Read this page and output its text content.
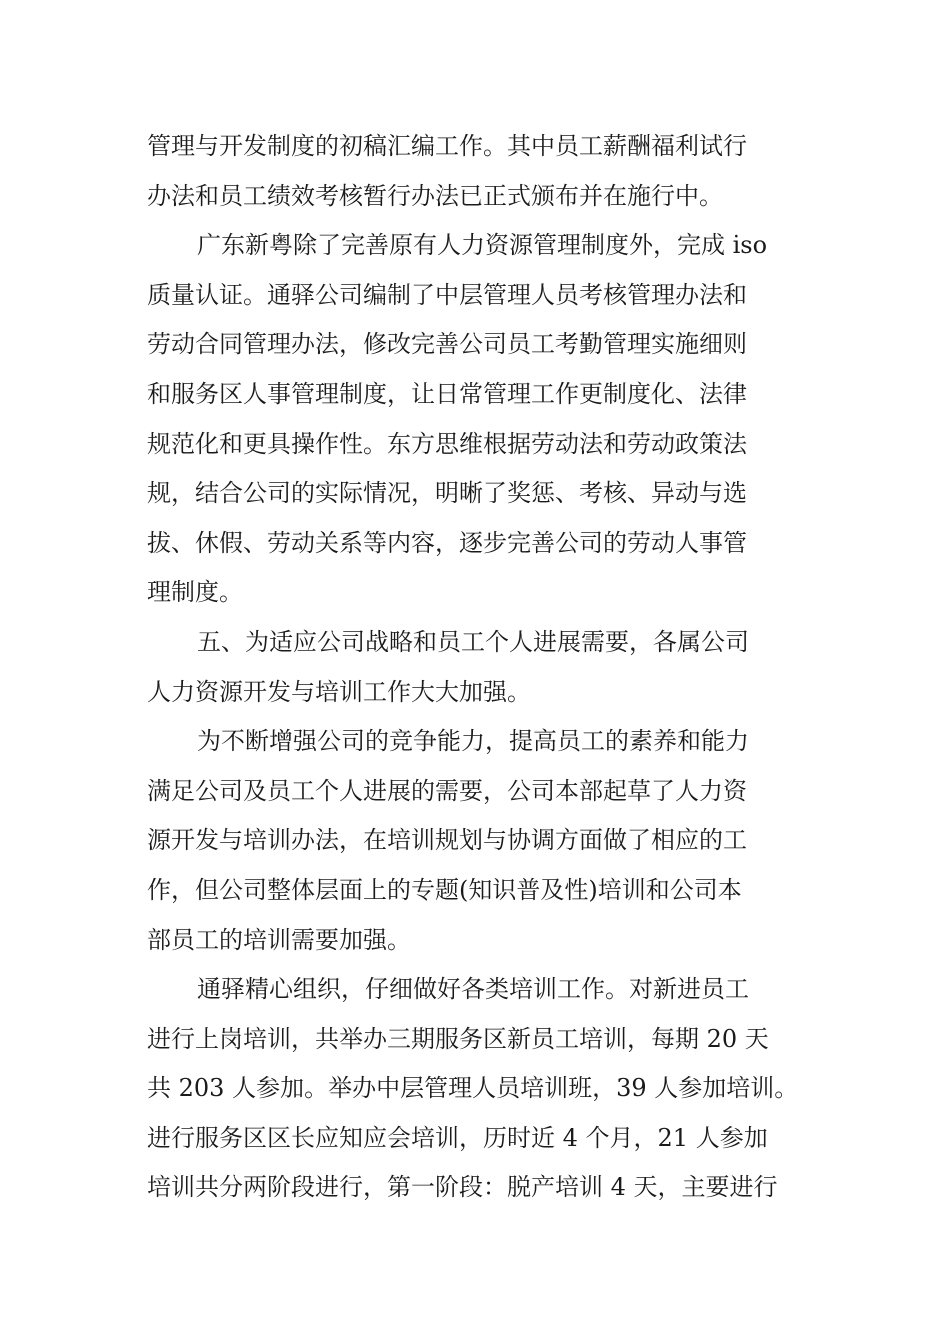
管理与开发制度的初稿汇编工作。其中员工薪酬福利试行
办法和员工绩效考核暂行办法已正式颁布并在施行中。
广东新粤除了完善原有人力资源管理制度外，完成 iso
质量认证。通驿公司编制了中层管理人员考核管理办法和
劳动合同管理办法，修改完善公司员工考勤管理实施细则
和服务区人事管理制度，让日常管理工作更制度化、法律
规范化和更具操作性。东方思维根据劳动法和劳动政策法
规，结合公司的实际情况，明晰了奖惩、考核、异动与选
拔、休假、劳动关系等内容，逐步完善公司的劳动人事管
理制度。
五、为适应公司战略和员工个人进展需要，各属公司
人力资源开发与培训工作大大加强。
为不断增强公司的竞争能力，提高员工的素养和能力
满足公司及员工个人进展的需要，公司本部起草了人力资
源开发与培训办法，在培训规划与协调方面做了相应的工
作，但公司整体层面上的专题(知识普及性)培训和公司本
部员工的培训需要加强。
通驿精心组织，仔细做好各类培训工作。对新进员工
进行上岗培训，共举办三期服务区新员工培训，每期 20 天
共 203 人参加。举办中层管理人员培训班，39 人参加培训。
进行服务区区长应知应会培训，历时近 4 个月，21 人参加
培训共分两阶段进行，第一阶段：脱产培训 4 天，主要进行
